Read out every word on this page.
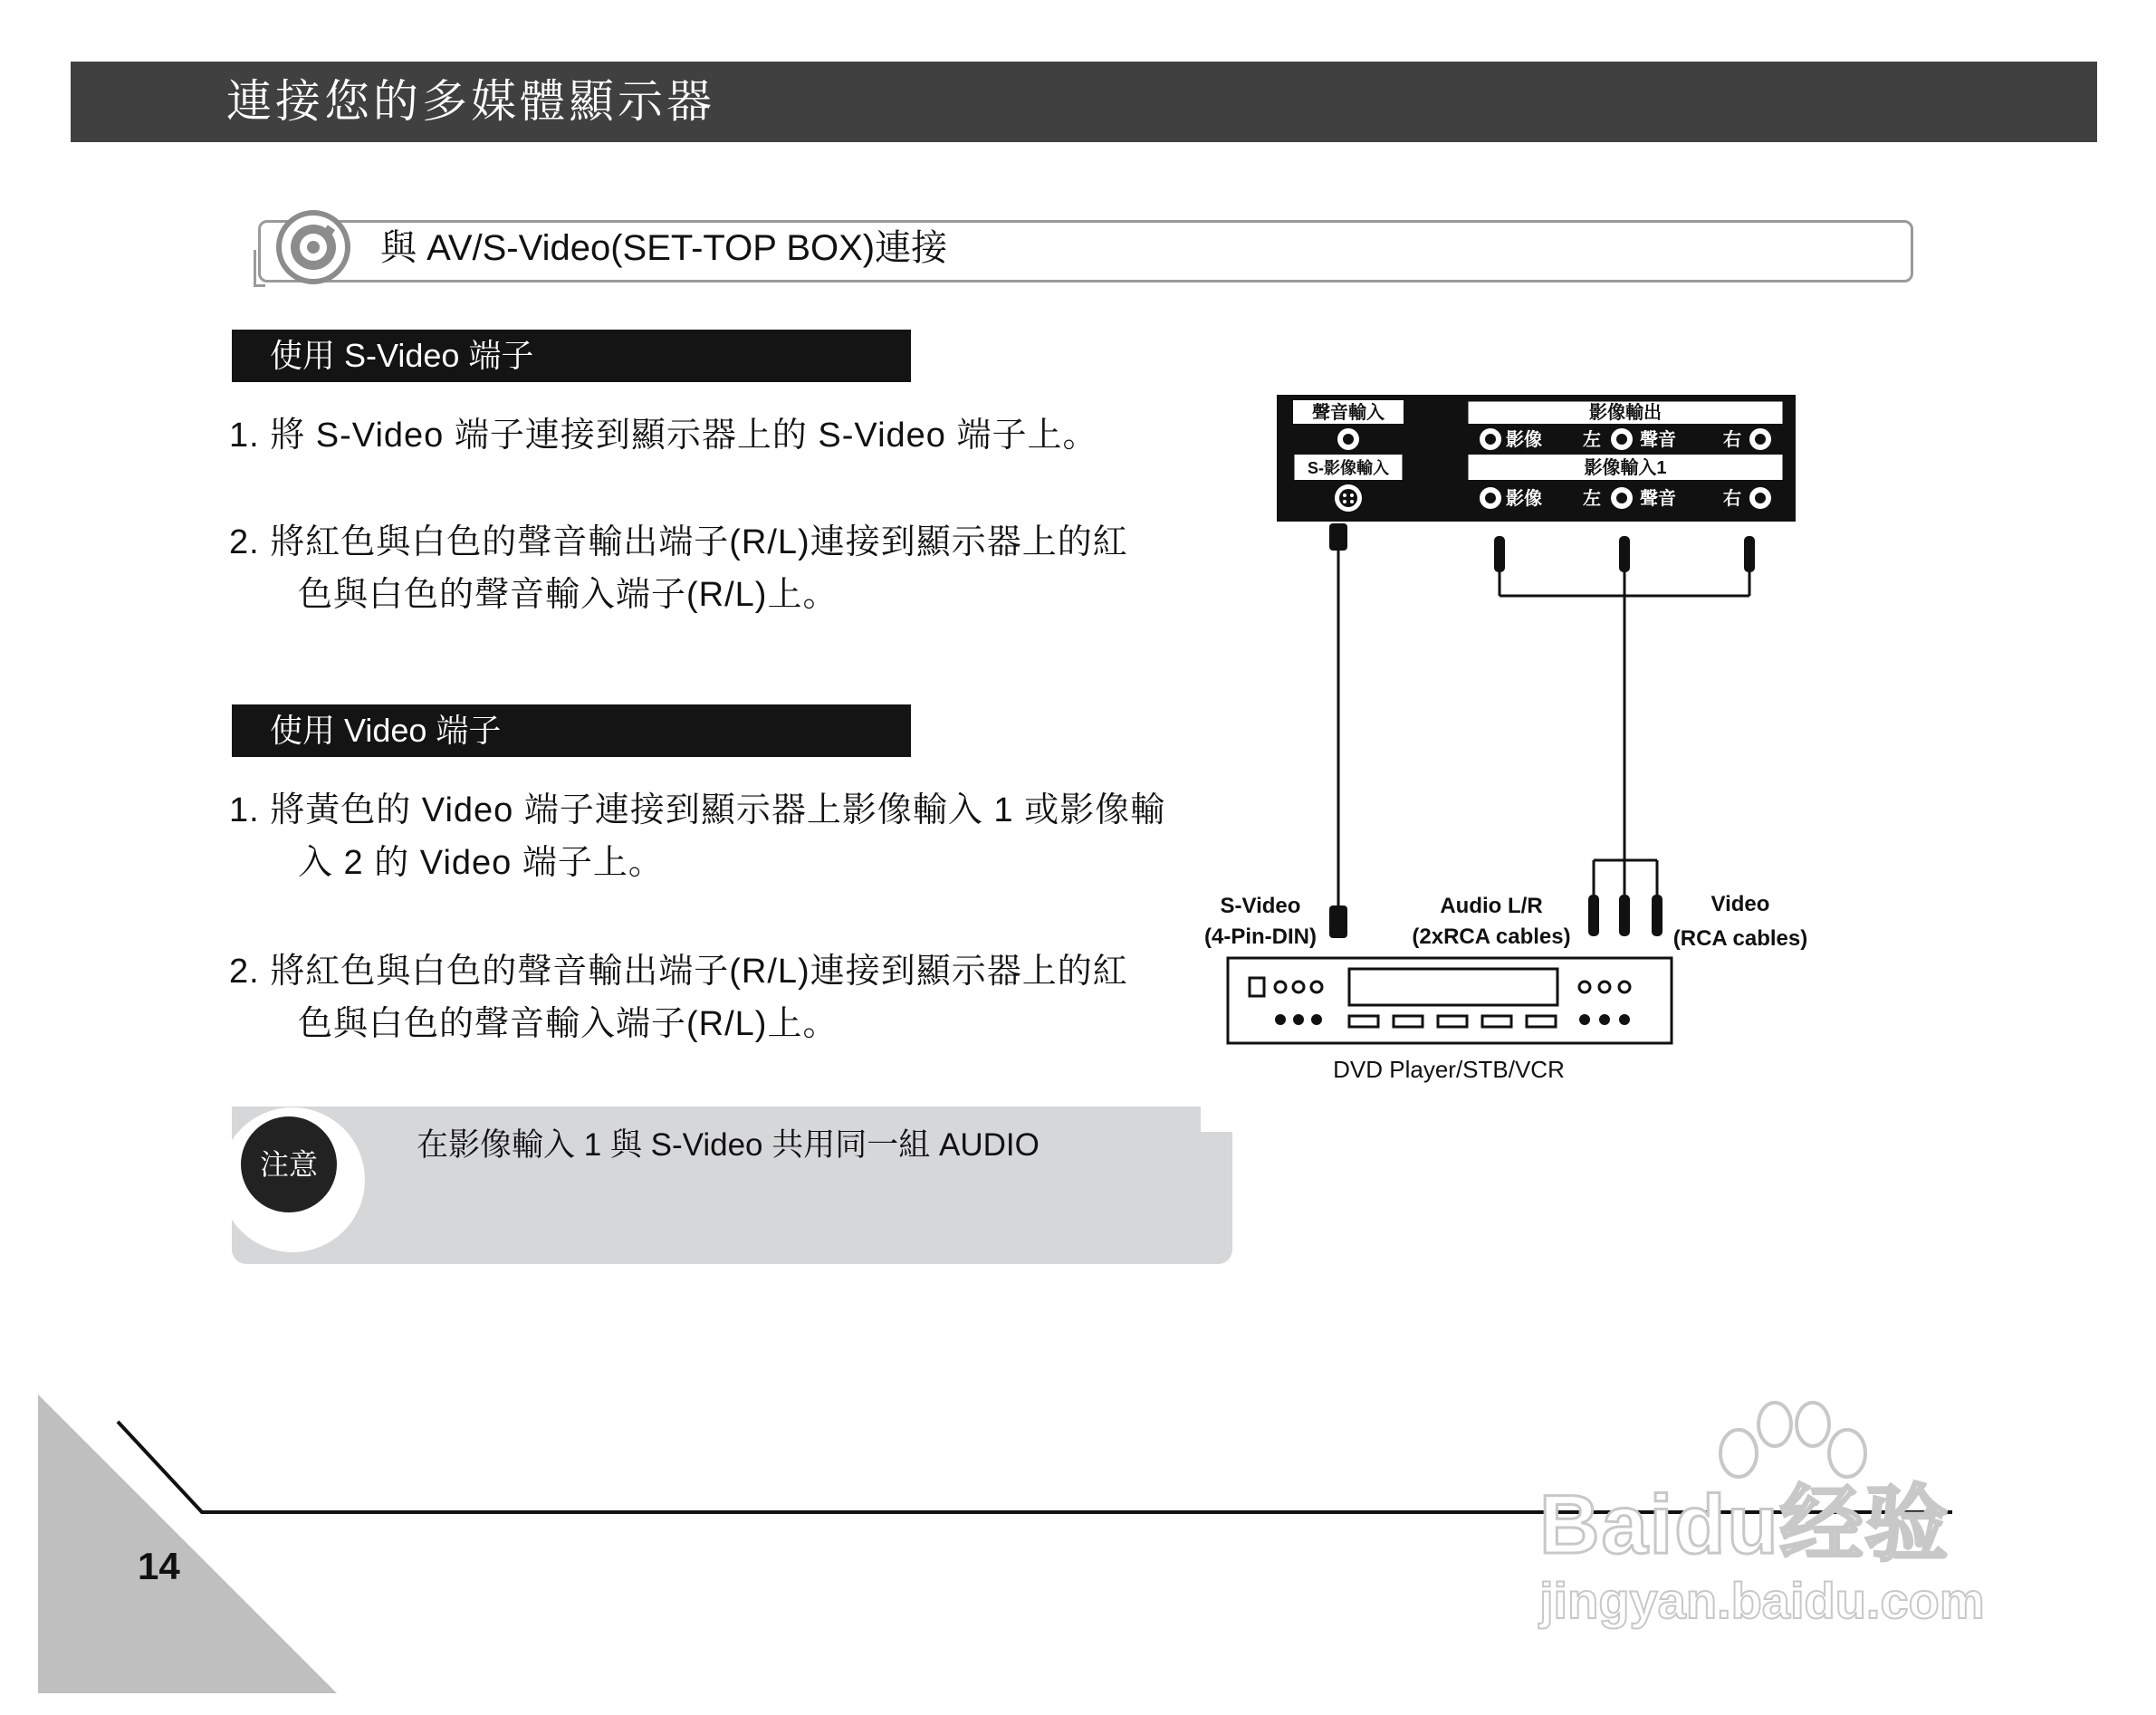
連接您的多媒體顯示器
與 AV/S-Video(SET-TOP BOX)連接
使用 S-Video 端子
1. 將 S-Video 端子連接到顯示器上的 S-Video 端子上。
2. 將紅色與白色的聲音輸出端子(R/L)連接到顯示器上的紅
色與白色的聲音輸入端子(R/L)上。
使用 Video 端子
1. 將黃色的 Video 端子連接到顯示器上影像輸入 1 或影像輸
入 2 的 Video 端子上。
2. 將紅色與白色的聲音輸出端子(R/L)連接到顯示器上的紅
色與白色的聲音輸入端子(R/L)上。
注意
在影像輸入 1 與 S-Video 共用同一組 AUDIO
聲音輸入
S-影像輸入
影像輸出
影像 左 聲音	右
影像輸入1
影像 左 聲音	右
S-Video
(4-Pin-DIN)
Audio L/R
(2xRCA cables)
Video
(RCA cables)
DVD Player/STB/VCR
14	Baidu经验
jingyan.baidu.com
